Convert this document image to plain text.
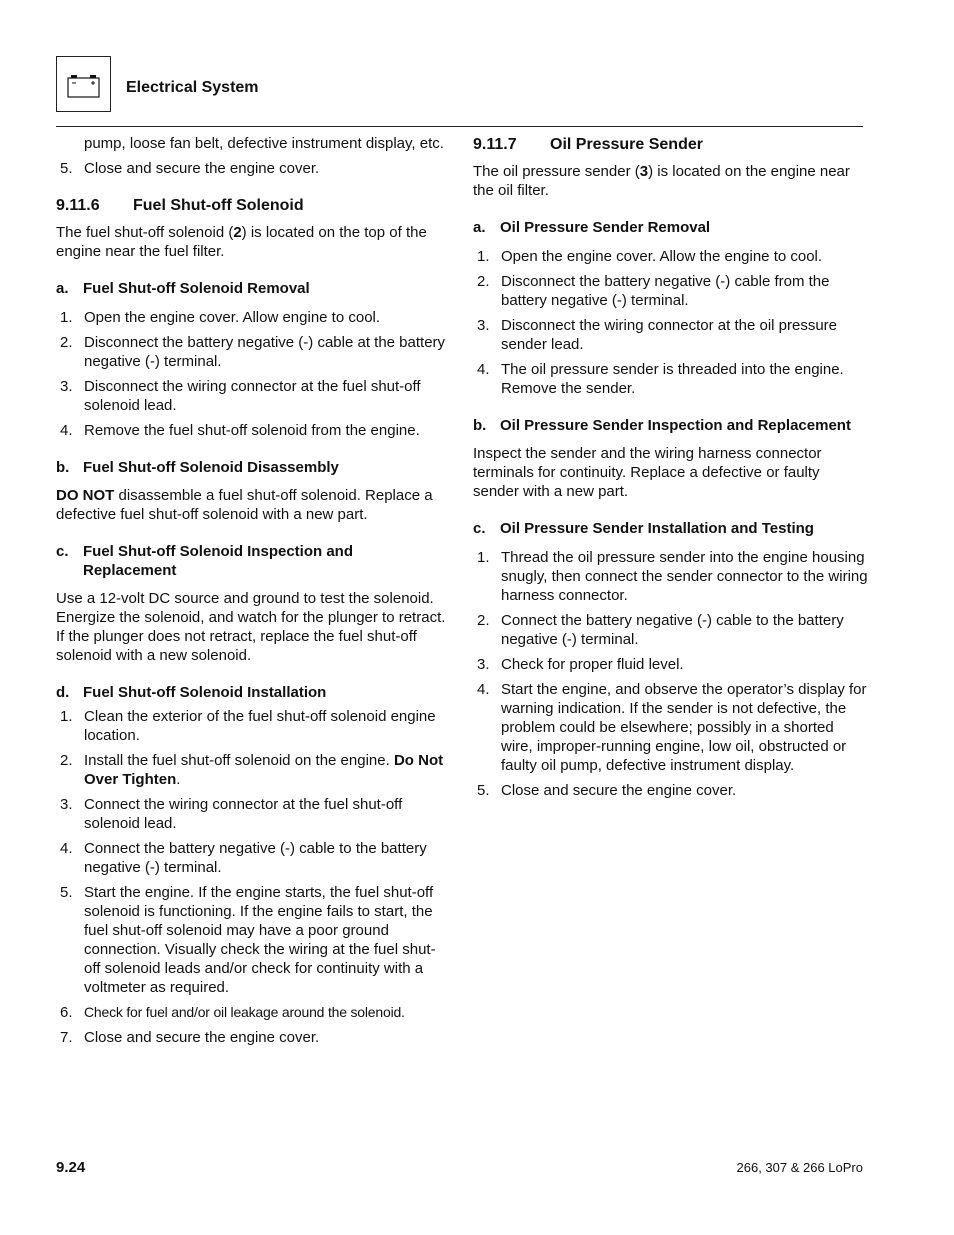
Electrical System

pump, loose fan belt, defective instrument display, etc.

5. Close and secure the engine cover.
9.11.6 Fuel Shut-off Solenoid

The fuel shut-off solenoid (2) is located on the top of the engine near the fuel filter.

a. Fuel Shut-off Solenoid Removal
1. Open the engine cover. Allow engine to cool.
2. Disconnect the battery negative (-) cable at the battery negative (-) terminal.
3. Disconnect the wiring connector at the fuel shut-off solenoid lead.
4. Remove the fuel shut-off solenoid from the engine.
b. Fuel Shut-off Solenoid Disassembly

DO NOT disassemble a fuel shut-off solenoid. Replace a defective fuel shut-off solenoid with a new part.

c. Fuel Shut-off Solenoid Inspection and Replacement

Use a 12-volt DC source and ground to test the solenoid. Energize the solenoid, and watch for the plunger to retract. If the plunger does not retract, replace the fuel shut-off solenoid with a new solenoid.

d. Fuel Shut-off Solenoid Installation
1. Clean the exterior of the fuel shut-off solenoid engine location.
2. Install the fuel shut-off solenoid on the engine. Do Not Over Tighten.
3. Connect the wiring connector at the fuel shut-off solenoid lead.
4. Connect the battery negative (-) cable to the battery negative (-) terminal.
5. Start the engine. If the engine starts, the fuel shut-off solenoid is functioning. If the engine fails to start, the fuel shut-off solenoid may have a poor ground connection. Visually check the wiring at the fuel shut-off solenoid leads and/or check for continuity with a voltmeter as required.
6. Check for fuel and/or oil leakage around the solenoid.
7. Close and secure the engine cover.
9.11.7 Oil Pressure Sender

The oil pressure sender (3) is located on the engine near the oil filter.

a. Oil Pressure Sender Removal
1. Open the engine cover. Allow the engine to cool.
2. Disconnect the battery negative (-) cable from the battery negative (-) terminal.
3. Disconnect the wiring connector at the oil pressure sender lead.
4. The oil pressure sender is threaded into the engine. Remove the sender.
b. Oil Pressure Sender Inspection and Replacement

Inspect the sender and the wiring harness connector terminals for continuity. Replace a defective or faulty sender with a new part.

c. Oil Pressure Sender Installation and Testing
1. Thread the oil pressure sender into the engine housing snugly, then connect the sender connector to the wiring harness connector.
2. Connect the battery negative (-) cable to the battery negative (-) terminal.
3. Check for proper fluid level.
4. Start the engine, and observe the operator’s display for warning indication. If the sender is not defective, the problem could be elsewhere; possibly in a shorted wire, improper-running engine, low oil, obstructed or faulty oil pump, defective instrument display.
5. Close and secure the engine cover.
9.24	266, 307 & 266 LoPro
